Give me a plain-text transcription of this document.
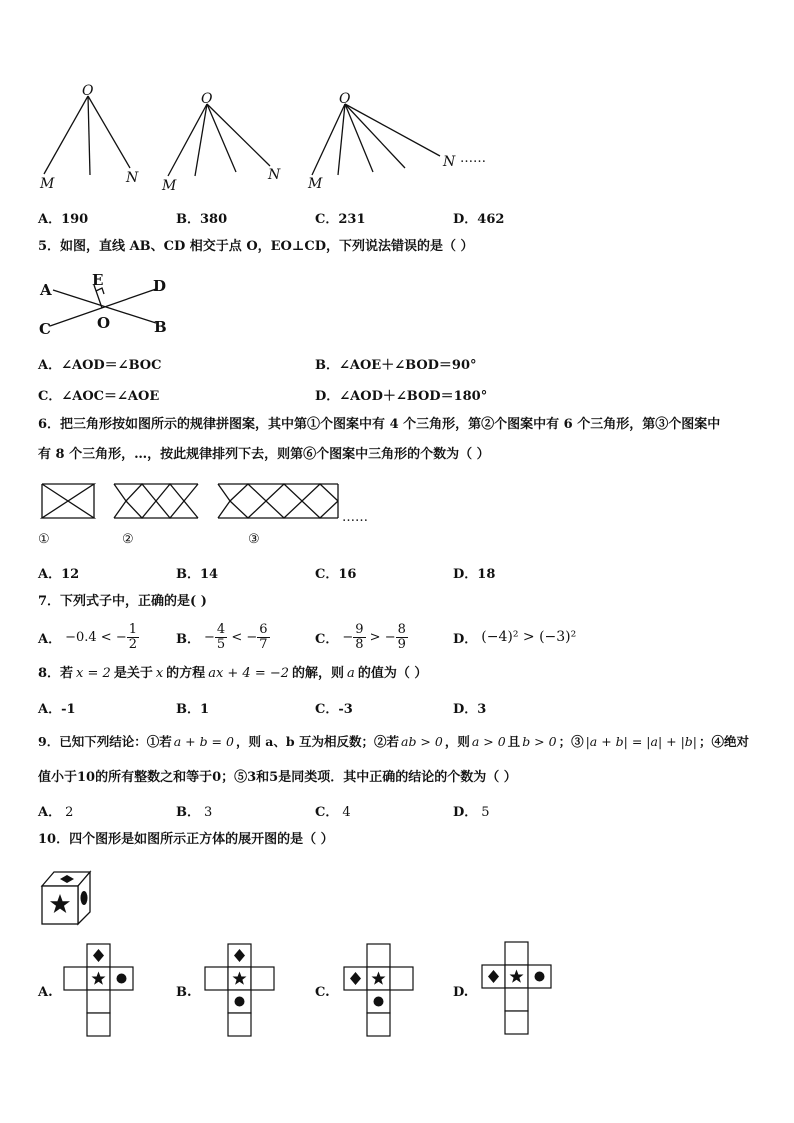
O
M	N
O
M
N
O
M
N ……
A．190	B．380	C．231	D．462
5．如图，直线 AB、CD 相交于点 O，EO⊥CD，下列说法错误的是（ ）
A	D
E
C	O	B
A．∠AOD＝∠BOC	B．∠AOE＋∠BOD＝90°
C．∠AOC＝∠AOE	D．∠AOD＋∠BOD＝180°
6．把三角形按如图所示的规律拼图案，其中第①个图案中有 4 个三角形，第②个图案中有 6 个三角形，第③个图案中
有 8 个三角形，…，按此规律排列下去，则第⑥个图案中三角形的个数为（ ）
……
①	②	③
A．12	B．14	C．16	D．18
7．下列式子中，正确的是( )
A． −0.4 < − $\frac{1}{2}$	B． − $\frac{4}{5}$ < − $\frac{6}{7}$	C． − $\frac{9}{8}$ > − $\frac{8}{9}$	D． (−4)² > (−3)²
8．若 x = 2 是关于 x 的方程 ax + 4 = −2 的解，则 a 的值为（ ）
A．-1	B．1	C．-3	D．3
9．已知下列结论：①若 a + b = 0 ，则 a、b 互为相反数；②若 ab > 0 ，则 a > 0 且 b > 0 ；③ |a + b| = |a| + |b| ；④绝对
值小于10的所有整数之和等于0；⑤3和5是同类项．其中正确的结论的个数为（ ）
A． 2	B． 3	C． 4	D． 5
10．四个图形是如图所示正方体的展开图的是（ ）
A.	B.	C.	D.
